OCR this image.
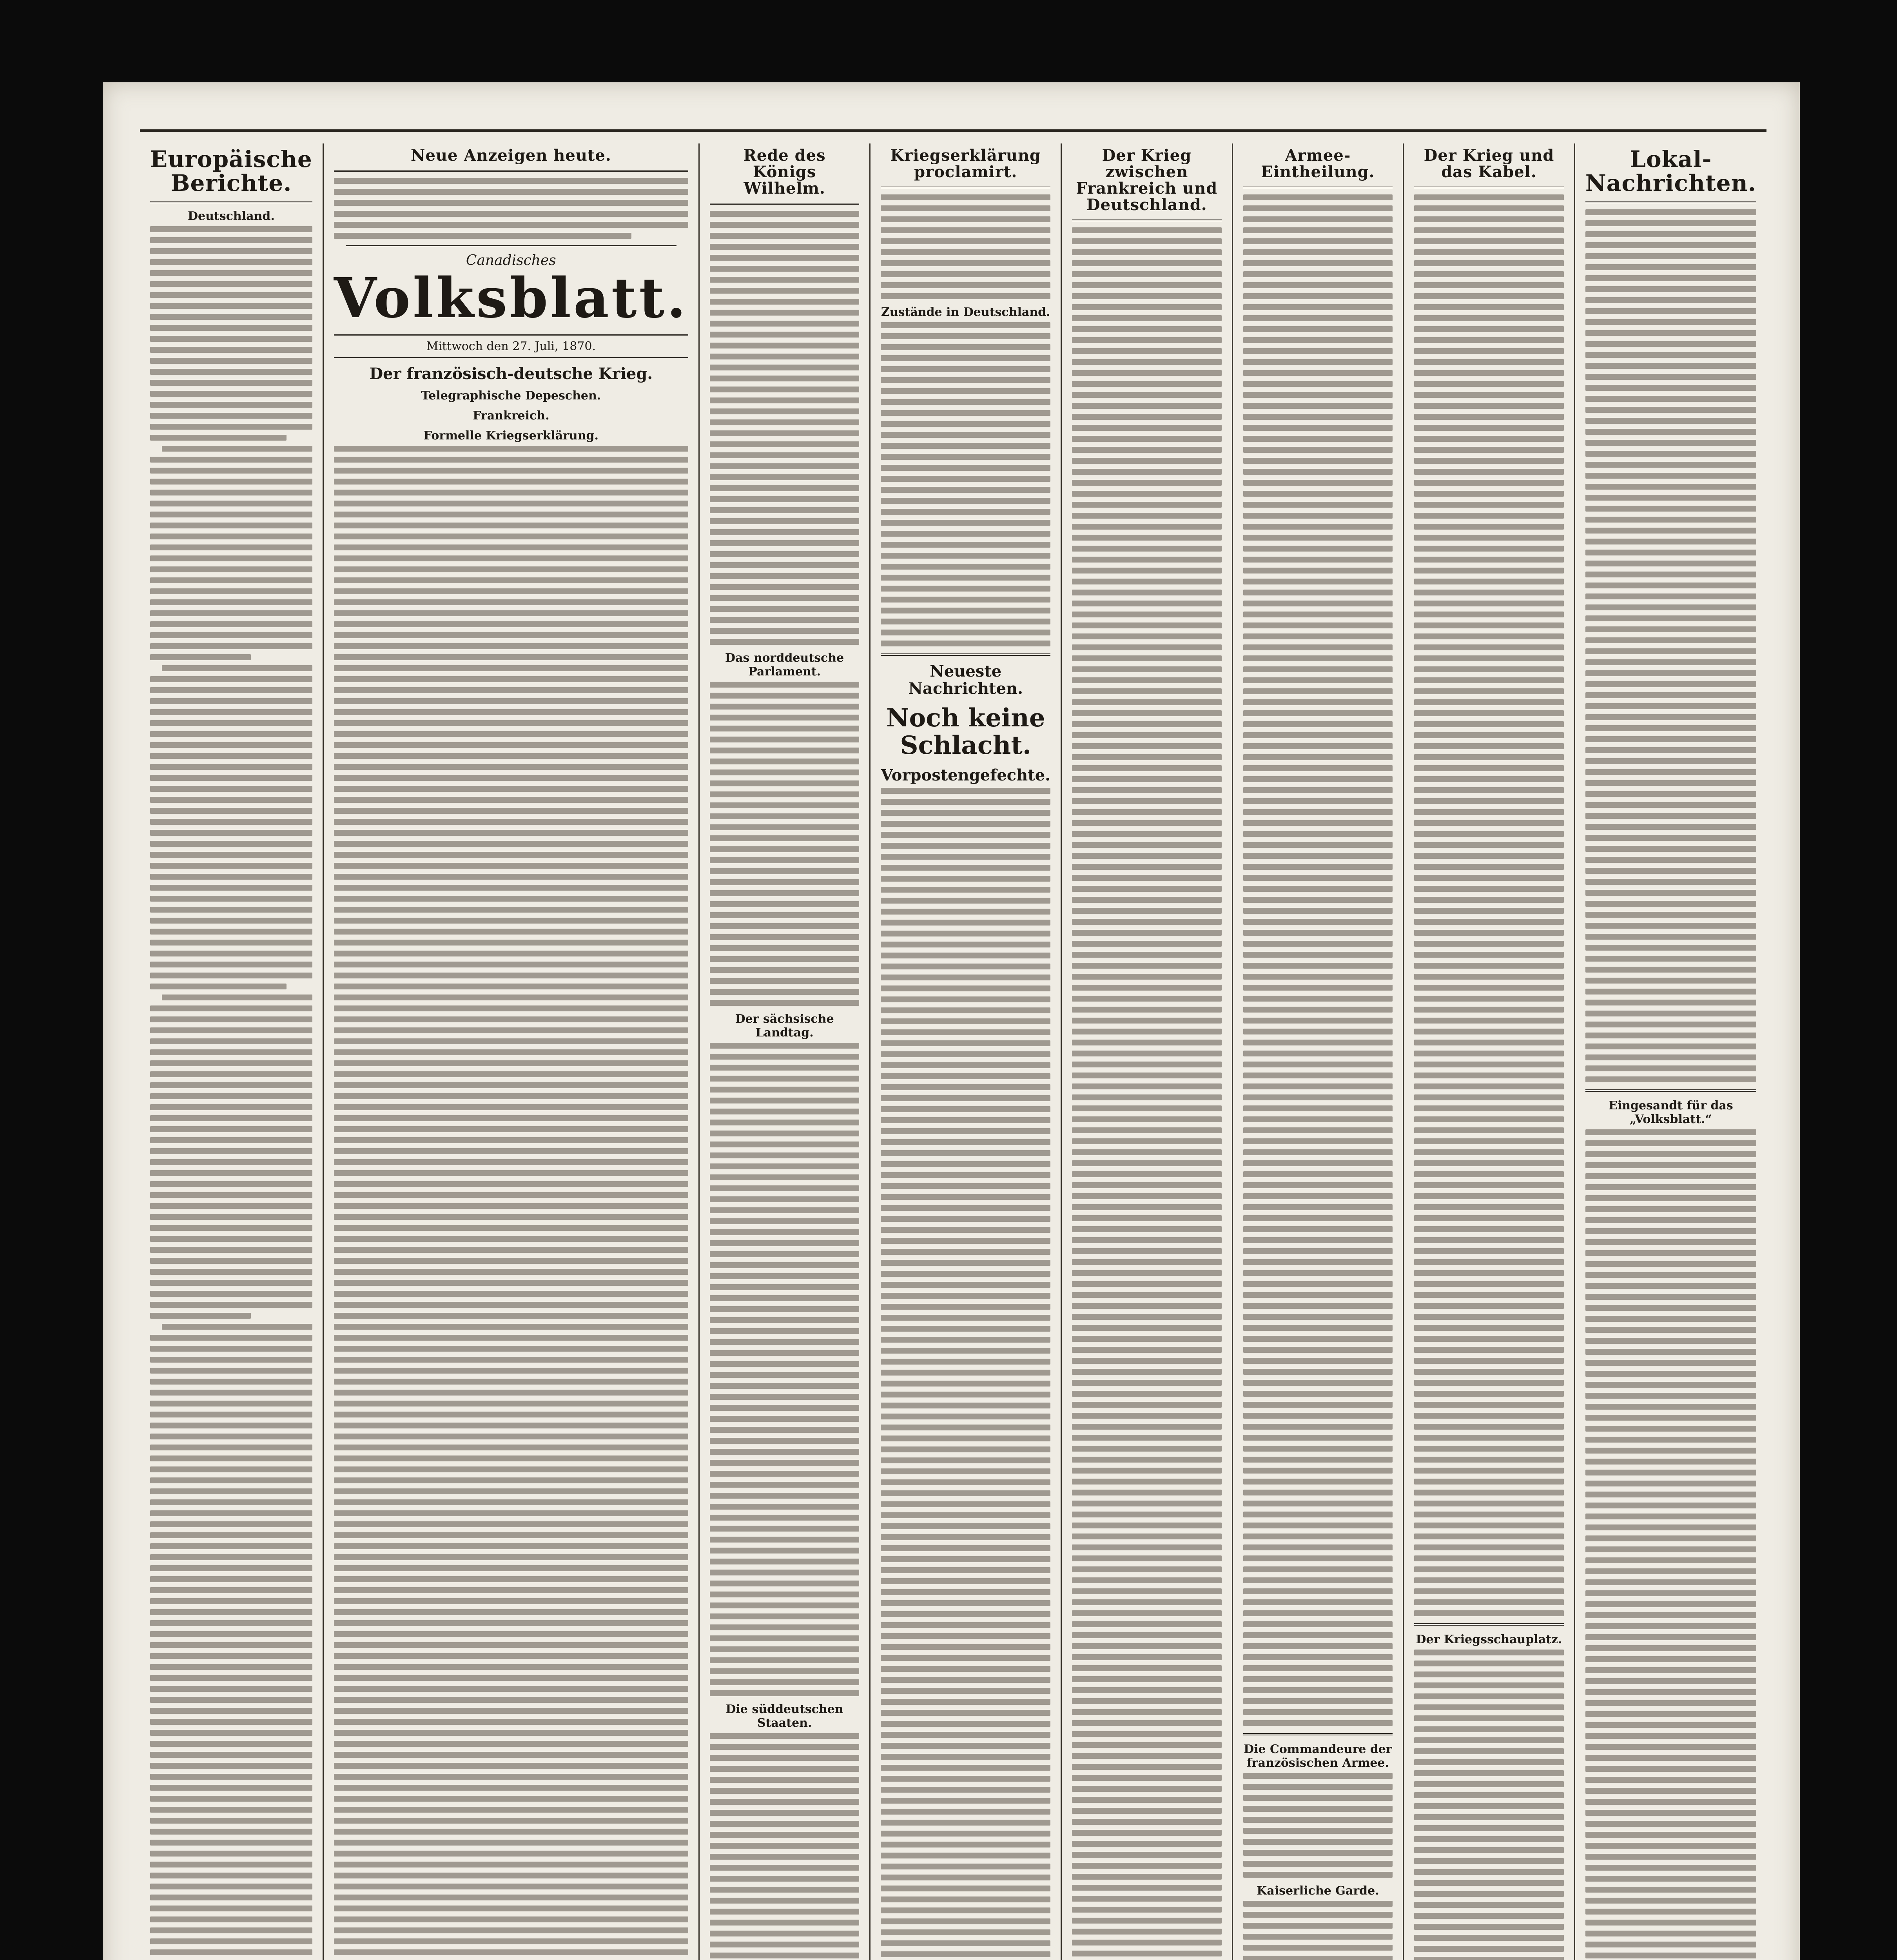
Europäische Berichte.
Deutschland.
Neue Anzeigen heute.
Canadisches
Volksblatt.
Mittwoch den 27. Juli, 1870.
Der französisch-deutsche Krieg.
Telegraphische Depeschen.
Frankreich.
Formelle Kriegserklärung.
Rede des Königs Wilhelm.
Das norddeutsche Parlament.
Der sächsische Landtag.
Die süddeutschen Staaten.
Kriegserklärung proclamirt.
Zustände in Deutschland.
Neueste Nachrichten.
Noch keine Schlacht.
Vorpostengefechte.
Der Krieg zwischen Frankreich und Deutschland.
Armee-Eintheilung.
Die Commandeure der französischen Armee.
Kaiserliche Garde.
Der Krieg und das Kabel.
Der Kriegsschauplatz.
Lokal-Nachrichten.
Eingesandt für das „Volksblatt.“
